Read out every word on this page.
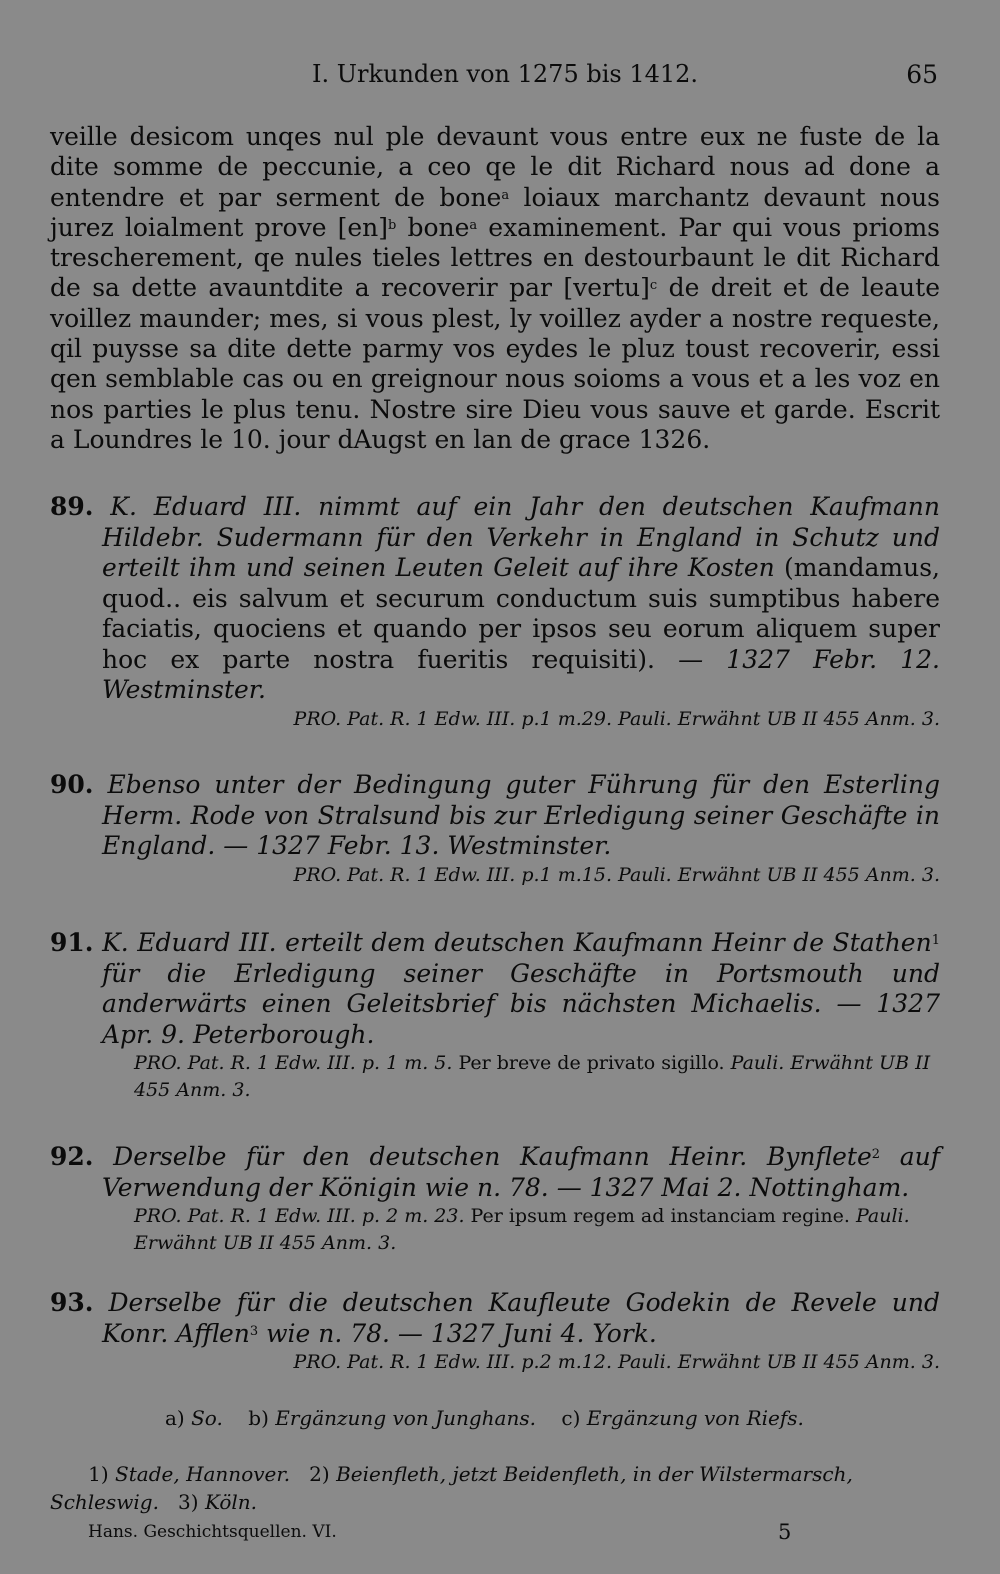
I. Urkunden von 1275 bis 1412.	65
veille desicom unqes nul ple devaunt vous entre eux ne fuste de la dite somme de peccunie, a ceo qe le dit Richard nous ad done a entendre et par serment de bone$^a$ loiaux marchantz devaunt nous jurez loialment prove [en]$^b$ bone$^a$ examinement. Par qui vous prioms trescherement, qe nules tieles lettres en destourbaunt le dit Richard de sa dette avauntdite a recoverir par [vertu]$^c$ de dreit et de leaute voillez maunder; mes, si vous plest, ly voillez ayder a nostre requeste, qil puysse sa dite dette parmy vos eydes le pluz toust recoverir, essi qen semblable cas ou en greignour nous soioms a vous et a les voz en nos parties le plus tenu. Nostre sire Dieu vous sauve et garde. Escrit a Loundres le 10. jour dAugst en lan de grace 1326.
89. K. Eduard III. nimmt auf ein Jahr den deutschen Kaufmann Hildebr. Sudermann für den Verkehr in England in Schutz und erteilt ihm und seinen Leuten Geleit auf ihre Kosten (mandamus, quod.. eis salvum et securum conductum suis sumptibus habere faciatis, quociens et quando per ipsos seu eorum aliquem super hoc ex parte nostra fueritis requisiti). — 1327 Febr. 12. Westminster.
PRO. Pat. R. 1 Edw. III. p.1 m.29. Pauli. Erwähnt UB II 455 Anm. 3.
90. Ebenso unter der Bedingung guter Führung für den Esterling Herm. Rode von Stralsund bis zur Erledigung seiner Geschäfte in England. — 1327 Febr. 13. Westminster.
PRO. Pat. R. 1 Edw. III. p.1 m.15. Pauli. Erwähnt UB II 455 Anm. 3.
91. K. Eduard III. erteilt dem deutschen Kaufmann Heinr de Stathen$^1$ für die Erledigung seiner Geschäfte in Portsmouth und anderwärts einen Geleitsbrief bis nächsten Michaelis. — 1327 Apr. 9. Peterborough.
PRO. Pat. R. 1 Edw. III. p. 1 m. 5. Per breve de privato sigillo. Pauli. Erwähnt UB II 455 Anm. 3.
92. Derselbe für den deutschen Kaufmann Heinr. Bynflete$^2$ auf Verwendung der Königin wie n. 78. — 1327 Mai 2. Nottingham.
PRO. Pat. R. 1 Edw. III. p. 2 m. 23. Per ipsum regem ad instanciam regine. Pauli. Erwähnt UB II 455 Anm. 3.
93. Derselbe für die deutschen Kaufleute Godekin de Revele und Konr. Afflen$^3$ wie n. 78. — 1327 Juni 4. York.
PRO. Pat. R. 1 Edw. III. p.2 m.12. Pauli. Erwähnt UB II 455 Anm. 3.
a) So. b) Ergänzung von Junghans. c) Ergänzung von Riefs.
1) Stade, Hannover. 2) Beienfleth, jetzt Beidenfleth, in der Wilstermarsch, Schleswig. 3) Köln.
Hans. Geschichtsquellen. VI.	5
